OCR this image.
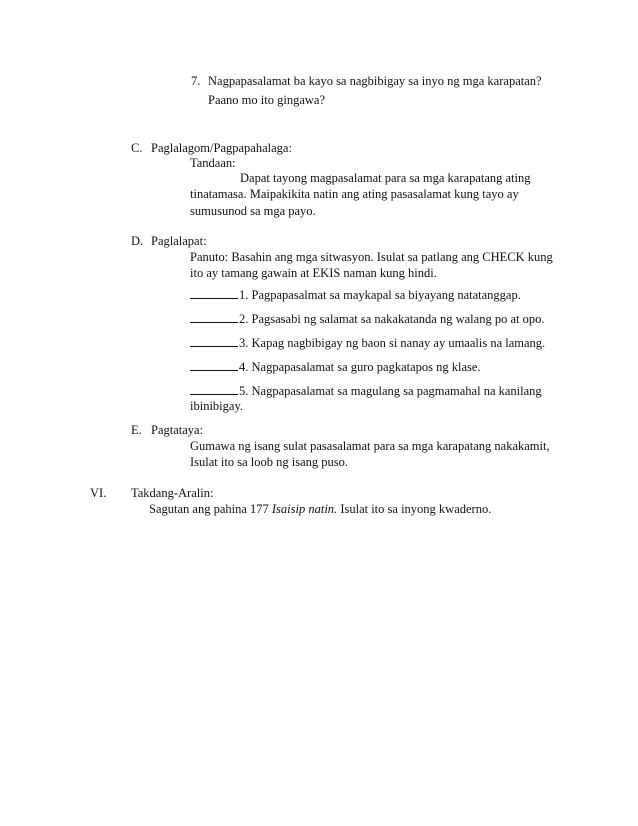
7. Nagpapasalamat ba kayo sa nagbibigay sa inyo ng mga karapatan?
Paano mo ito gingawa?
C. Paglalagom/Pagpapahalaga:
Tandaan:
Dapat tayong magpasalamat para sa mga karapatang ating
tinatamasa. Maipakikita natin ang ating pasasalamat kung tayo ay
sumusunod sa mga payo.
D. Paglalapat:
Panuto: Basahin ang mga sitwasyon. Isulat sa patlang ang CHECK kung
ito ay tamang gawain at EKIS naman kung hindi.
1. Pagpapasalmat sa maykapal sa biyayang natatanggap.
2. Pagsasabi ng salamat sa nakakatanda ng walang po at opo.
3. Kapag nagbibigay ng baon si nanay ay umaalis na lamang.
4. Nagpapasalamat sa guro pagkatapos ng klase.
5. Nagpapasalamat sa magulang sa pagmamahal na kanilang
ibinibigay.
E. Pagtataya:
Gumawa ng isang sulat pasasalamat para sa mga karapatang nakakamit,
Isulat ito sa loob ng isang puso.
VI. Takdang-Aralin:
Sagutan ang pahina 177 Isaisip natin. Isulat ito sa inyong kwaderno.
